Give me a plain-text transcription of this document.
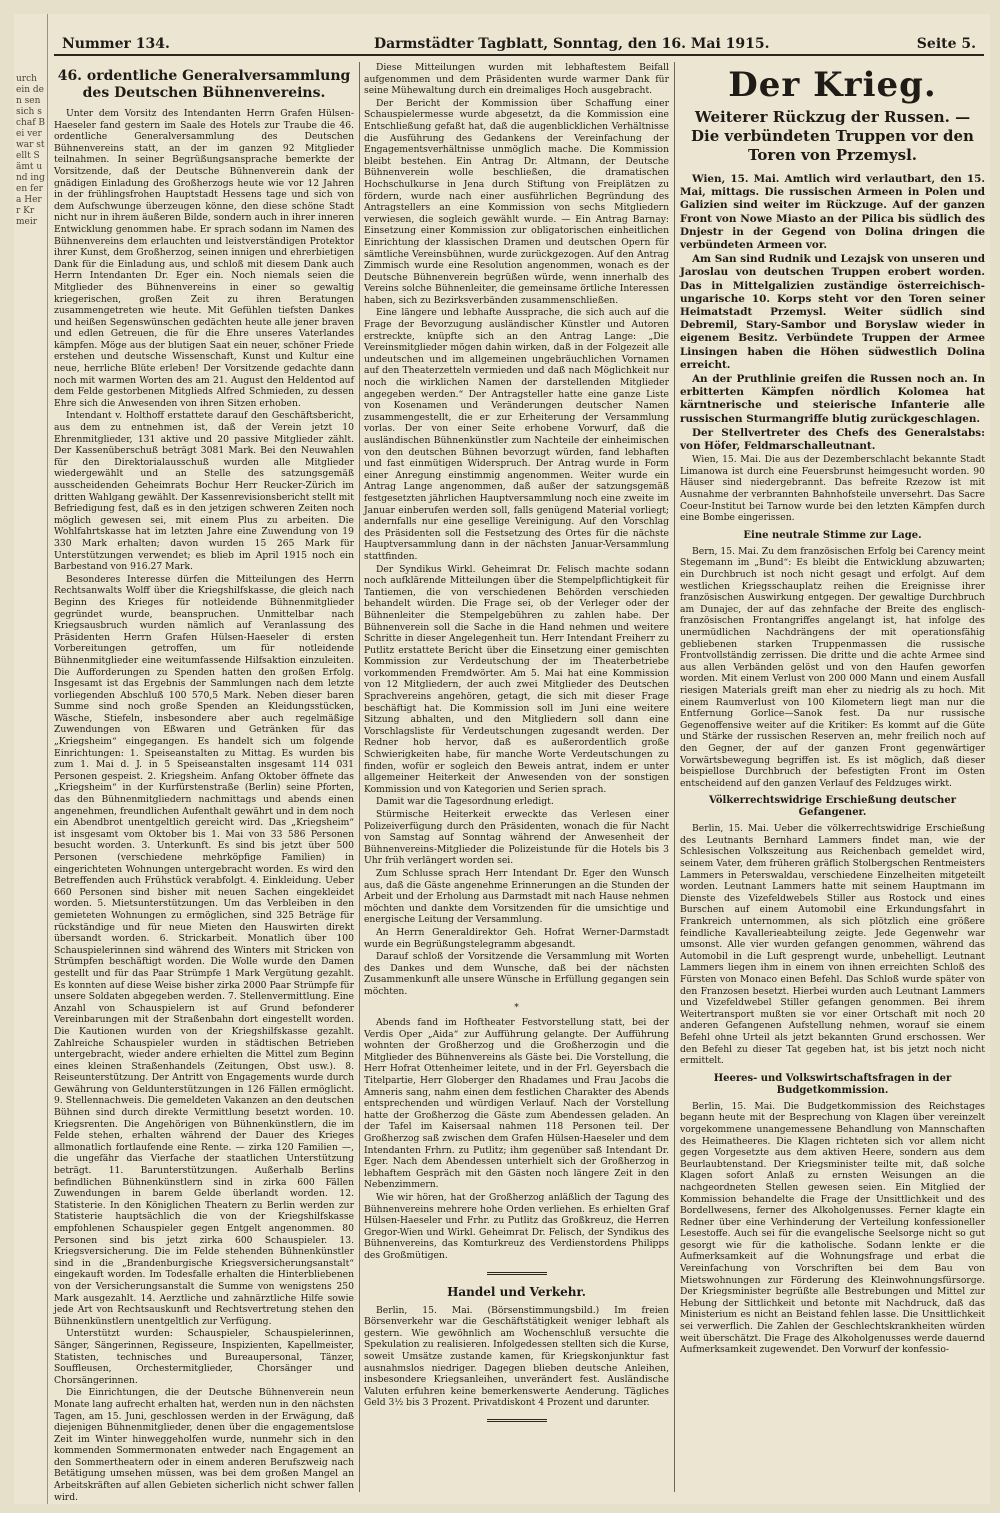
urch ein den sen sich schaf Bei verwar stellt Sämt und ingen fer a Herr Kr meir
Nummer 134.	Darmstädter Tagblatt, Sonntag, den 16. Mai 1915.	Seite 5.
46. ordentliche Generalversammlung des Deutschen Bühnenvereins.

Unter dem Vorsitz des Intendanten Herrn Grafen Hülsen-Haeseler fand gestern im Saale des Hotels zur Traube die 46. ordentliche Generalversammlung des Deutschen Bühnenvereins statt, an der im ganzen 92 Mitglieder teilnahmen. In seiner Begrüßungsansprache bemerkte der Vorsitzende, daß der Deutsche Bühnenverein dank der gnädigen Einladung des Großherzogs heute wie vor 12 Jahren in der frühlingsfrohen Hauptstadt Hessens tage und sich von dem Aufschwunge überzeugen könne, den diese schöne Stadt nicht nur in ihrem äußeren Bilde, sondern auch in ihrer inneren Entwicklung genommen habe. Er sprach sodann im Namen des Bühnenvereins dem erlauchten und leistverständigen Protektor ihrer Kunst, dem Großherzog, seinen innigen und ehrerbietigen Dank für die Einladung aus, und schloß mit diesem Dank auch Herrn Intendanten Dr. Eger ein. Noch niemals seien die Mitglieder des Bühnenvereins in einer so gewaltig kriegerischen, großen Zeit zu ihren Beratungen zusammengetreten wie heute. Mit Gefühlen tiefsten Dankes und heißen Segenswünschen gedächten heute alle jener braven und edlen Getreuen, die für die Ehre unseres Vaterlandes kämpfen. Möge aus der blutigen Saat ein neuer, schöner Friede erstehen und deutsche Wissenschaft, Kunst und Kultur eine neue, herrliche Blüte erleben! Der Vorsitzende gedachte dann noch mit warmen Worten des am 21. August den Heldentod auf dem Felde gestorbenen Mitglieds Alfred Schmieden, zu dessen Ehre sich die Anwesenden von ihren Sitzen erhoben.

Intendant v. Holthoff erstattete darauf den Geschäftsbericht, aus dem zu entnehmen ist, daß der Verein jetzt 10 Ehrenmitglieder, 131 aktive und 20 passive Mitglieder zählt. Der Kassenüberschuß beträgt 3081 Mark. Bei den Neuwahlen für den Direktorialausschuß wurden alle Mitglieder wiedergewählt und an Stelle des satzungsgemäß ausscheidenden Geheimrats Bochur Herr Reucker-Zürich im dritten Wahlgang gewählt. Der Kassenrevisionsbericht stellt mit Befriedigung fest, daß es in den jetzigen schweren Zeiten noch möglich gewesen sei, mit einem Plus zu arbeiten. Die Wohlfahrtskasse hat im letzten Jahre eine Zuwendung von 19 330 Mark erhalten; davon wurden 15 265 Mark für Unterstützungen verwendet; es blieb im April 1915 noch ein Barbestand von 916.27 Mark.

Besonderes Interesse dürfen die Mitteilungen des Herrn Rechtsanwalts Wolff über die Kriegshilfskasse, die gleich nach Beginn des Krieges für notleidende Bühnenmitglieder gegründet wurde, beanspruchen. Unmittelbar nach Kriegsausbruch wurden nämlich auf Veranlassung des Präsidenten Herrn Grafen Hülsen-Haeseler di ersten Vorbereitungen getroffen, um für notleidende Bühnenmitglieder eine weitumfassende Hilfsaktion einzuleiten. Die Aufforderungen zu Spenden hatten den großen Erfolg. Insgesamt ist das Ergebnis der Sammlungen nach dem letzte vorliegenden Abschluß 100 570,5 Mark. Neben dieser baren Summe sind noch große Spenden an Kleidungsstücken, Wäsche, Stiefeln, insbesondere aber auch regelmäßige Zuwendungen von Eßwaren und Getränken für das „Kriegsheim“ eingegangen. Es handelt sich um folgende Einrichtungen: 1. Speiseanstalten zu Mittag. Es wurden bis zum 1. Mai d. J. in 5 Speiseanstalten insgesamt 114 031 Personen gespeist. 2. Kriegsheim. Anfang Oktober öffnete das „Kriegsheim“ in der Kurfürstenstraße (Berlin) seine Pforten, das den Bühnenmitgliedern nachmittags und abends einen angenehmen, freundlichen Aufenthalt gewährt und in dem noch ein Abendbrot unentgeltlich gereicht wird. Das „Kriegsheim“ ist insgesamt vom Oktober bis 1. Mai von 33 586 Personen besucht worden. 3. Unterkunft. Es sind bis jetzt über 500 Personen (verschiedene mehrköpfige Familien) in eingerichteten Wohnungen untergebracht worden. Es wird den Betreffenden auch Frühstück verabfolgt. 4. Einkleidung. Ueber 660 Personen sind bisher mit neuen Sachen eingekleidet worden. 5. Mietsunterstützungen. Um das Verbleiben in den gemieteten Wohnungen zu ermöglichen, sind 325 Beträge für rückständige und für neue Mieten den Hauswirten direkt übersandt worden. 6. Strickarbeit. Monatlich über 100 Schauspielerinnen sind während des Winters mit Stricken von Strümpfen beschäftigt worden. Die Wolle wurde den Damen gestellt und für das Paar Strümpfe 1 Mark Vergütung gezahlt. Es konnten auf diese Weise bisher zirka 2000 Paar Strümpfe für unsere Soldaten abgegeben werden. 7. Stellenvermittlung. Eine Anzahl von Schauspielern ist auf Grund befonderer Vereinbarungen mit der Straßenbahn dort eingestellt worden. Die Kautionen wurden von der Kriegshilfskasse gezahlt. Zahlreiche Schauspieler wurden in städtischen Betrieben untergebracht, wieder andere erhielten die Mittel zum Beginn eines kleinen Straßenhandels (Zeitungen, Obst usw.). 8. Reiseunterstützung. Der Antritt von Engagements wurde durch Gewährung von Geldunterstützungen in 126 Fällen ermöglicht. 9. Stellennachweis. Die gemeldeten Vakanzen an den deutschen Bühnen sind durch direkte Vermittlung besetzt worden. 10. Kriegsrenten. Die Angehörigen von Bühnenkünstlern, die im Felde stehen, erhalten während der Dauer des Krieges allmonatlich fortlaufende eine Rente. — zirka 120 Familien —, die ungefähr das Vierfache der staatlichen Unterstützung beträgt. 11. Barunterstützungen. Außerhalb Berlins befindlichen Bühnenkünstlern sind in zirka 600 Fällen Zuwendungen in barem Gelde überlandt worden. 12. Statisterie. In den Königlichen Theatern zu Berlin werden zur Statisterie hauptsächlich die von der Kriegshilfskasse empfohlenen Schauspieler gegen Entgelt angenommen. 80 Personen sind bis jetzt zirka 600 Schauspieler. 13. Kriegsversicherung. Die im Felde stehenden Bühnenkünstler sind in die „Brandenburgische Kriegsversicherungsanstalt“ eingekauft worden. Im Todesfalle erhalten die Hinterbliebenen von der Versicherungsanstalt die Summe von wenigstens 250 Mark ausgezahlt. 14. Aerztliche und zahnärztliche Hilfe sowie jede Art von Rechtsauskunft und Rechtsvertretung stehen den Bühnenkünstlern unentgeltlich zur Verfügung.

Unterstützt wurden: Schauspieler, Schauspielerinnen, Sänger, Sängerinnen, Regisseure, Inspizienten, Kapellmeister, Statisten, technisches und Bureaupersonal, Tänzer, Souffleusen, Orchestermitglieder, Chorsänger und Chorsängerinnen.

Die Einrichtungen, die der Deutsche Bühnenverein neun Monate lang aufrecht erhalten hat, werden nun in den nächsten Tagen, am 15. Juni, geschlossen werden in der Erwägung, daß diejenigen Bühnenmitglieder, denen über die engagementslose Zeit im Winter hinweggeholfen wurde, nunmehr sich in den kommenden Sommermonaten entweder nach Engagement an den Sommertheatern oder in einem anderen Berufszweig nach Betätigung umsehen müssen, was bei dem großen Mangel an Arbeitskräften auf allen Gebieten sicherlich nicht schwer fallen wird.

Diese Mitteilungen wurden mit lebhaftestem Beifall aufgenommen und dem Präsidenten wurde warmer Dank für seine Mühewaltung durch ein dreimaliges Hoch ausgebracht.

Der Bericht der Kommission über Schaffung einer Schauspielermesse wurde abgesetzt, da die Kommission eine Entschließung gefaßt hat, daß die augenblicklichen Verhältnisse die Ausführung des Gedankens der Vereinfachung der Engagementsverhältnisse unmöglich mache. Die Kommission bleibt bestehen. Ein Antrag Dr. Altmann, der Deutsche Bühnenverein wolle beschließen, die dramatischen Hochschulkurse in Jena durch Stiftung von Freiplätzen zu fördern, wurde nach einer ausführlichen Begründung des Antragstellers an eine Kommission von sechs Mitgliedern verwiesen, die sogleich gewählt wurde. — Ein Antrag Barnay: Einsetzung einer Kommission zur obligatorischen einheitlichen Einrichtung der klassischen Dramen und deutschen Opern für sämtliche Vereinsbühnen, wurde zurückgezogen. Auf den Antrag Zimmisch wurde eine Resolution angenommen, wonach es der Deutsche Bühnenverein begrüßen würde, wenn innerhalb des Vereins solche Bühnenleiter, die gemeinsame örtliche Interessen haben, sich zu Bezirksverbänden zusammenschließen.

Eine längere und lebhafte Aussprache, die sich auch auf die Frage der Bevorzugung ausländischer Künstler und Autoren erstreckte, knüpfte sich an den Antrag Lange: „Die Vereinsmitglieder mögen dahin wirken, daß in der Folgezeit alle undeutschen und im allgemeinen ungebräuchlichen Vornamen auf den Theaterzetteln vermieden und daß nach Möglichkeit nur noch die wirklichen Namen der darstellenden Mitglieder angegeben werden.“ Der Antragsteller hatte eine ganze Liste von Kosenamen und Veränderungen deutscher Namen zusammengestellt, die er zur Erheiterung der Versammlung vorlas. Der von einer Seite erhobene Vorwurf, daß die ausländischen Bühnenkünstler zum Nachteile der einheimischen von den deutschen Bühnen bevorzugt würden, fand lebhaften und fast einmütigen Widerspruch. Der Antrag wurde in Form einer Anregung einstimmig angenommen. Weiter wurde ein Antrag Lange angenommen, daß außer der satzungsgemäß festgesetzten jährlichen Hauptversammlung noch eine zweite im Januar einberufen werden soll, falls genügend Material vorliegt; andernfalls nur eine gesellige Vereinigung. Auf den Vorschlag des Präsidenten soll die Festsetzung des Ortes für die nächste Hauptversammlung dann in der nächsten Januar-Versammlung stattfinden.

Der Syndikus Wirkl. Geheimrat Dr. Felisch machte sodann noch aufklärende Mitteilungen über die Stempelpflichtigkeit für Tantiemen, die von verschiedenen Behörden verschieden behandelt würden. Die Frage sei, ob der Verleger oder der Bühnenleiter die Stempelgebühren zu zahlen habe. Der Bühnenverein soll die Sache in die Hand nehmen und weitere Schritte in dieser Angelegenheit tun. Herr Intendant Freiherr zu Putlitz erstattete Bericht über die Einsetzung einer gemischten Kommission zur Verdeutschung der im Theaterbetriebe vorkommenden Fremdwörter. Am 5. Mai hat eine Kommission von 12 Mitgliedern, der auch zwei Mitglieder des Deutschen Sprachvereins angehören, getagt, die sich mit dieser Frage beschäftigt hat. Die Kommission soll im Juni eine weitere Sitzung abhalten, und den Mitgliedern soll dann eine Vorschlagsliste für Verdeutschungen zugesandt werden. Der Redner hob hervor, daß es außerordentlich große Schwierigkeiten habe, für manche Worte Verdeutschungen zu finden, wofür er sogleich den Beweis antrat, indem er unter allgemeiner Heiterkeit der Anwesenden von der sonstigen Kommission und von Kategorien und Serien sprach.

Damit war die Tagesordnung erledigt.

Stürmische Heiterkeit erweckte das Verlesen einer Polizeiverfügung durch den Präsidenten, wonach die für Nacht von Samstag auf Sonntag während der Anwesenheit der Bühnenvereins-Mitglieder die Polizeistunde für die Hotels bis 3 Uhr früh verlängert worden sei.

Zum Schlusse sprach Herr Intendant Dr. Eger den Wunsch aus, daß die Gäste angenehme Erinnerungen an die Stunden der Arbeit und der Erholung aus Darmstadt mit nach Hause nehmen möchten und dankte dem Vorsitzenden für die umsichtige und energische Leitung der Versammlung.

An Herrn Generaldirektor Geh. Hofrat Werner-Darmstadt wurde ein Begrüßungstelegramm abgesandt.

Darauf schloß der Vorsitzende die Versammlung mit Worten des Dankes und dem Wunsche, daß bei der nächsten Zusammenkunft alle unsere Wünsche in Erfüllung gegangen sein möchten.

*

Abends fand im Hoftheater Festvorstellung statt, bei der Verdis Oper „Aida“ zur Aufführung gelangte. Der Aufführung wohnten der Großherzog und die Großherzogin und die Mitglieder des Bühnenvereins als Gäste bei. Die Vorstellung, die Herr Hofrat Ottenheimer leitete, und in der Frl. Geyersbach die Titelpartie, Herr Globerger den Rhadames und Frau Jacobs die Amneris sang, nahm einen dem festlichen Charakter des Abends entsprechenden und würdigen Verlauf. Nach der Vorstellung hatte der Großherzog die Gäste zum Abendessen geladen. An der Tafel im Kaisersaal nahmen 118 Personen teil. Der Großherzog saß zwischen dem Grafen Hülsen-Haeseler und dem Intendanten Frhrn. zu Putlitz; ihm gegenüber saß Intendant Dr. Eger. Nach dem Abendessen unterhielt sich der Großherzog in lebhaftem Gespräch mit den Gästen noch längere Zeit in den Nebenzimmern.

Wie wir hören, hat der Großherzog anläßlich der Tagung des Bühnenvereins mehrere hohe Orden verliehen. Es erhielten Graf Hülsen-Haeseler und Frhr. zu Putlitz das Großkreuz, die Herren Gregor-Wien und Wirkl. Geheimrat Dr. Felisch, der Syndikus des Bühnenvereins, das Komturkreuz des Verdienstordens Philipps des Großmütigen.

Handel und Verkehr.

Berlin, 15. Mai. (Börsenstimmungsbild.) Im freien Börsenverkehr war die Geschäftstätigkeit weniger lebhaft als gestern. Wie gewöhnlich am Wochenschluß versuchte die Spekulation zu realisieren. Infolgedessen stellten sich die Kurse, soweit Umsätze zustande kamen, für Kriegskonjunktur fast ausnahmslos niedriger. Dagegen blieben deutsche Anleihen, insbesondere Kriegsanleihen, unverändert fest. Ausländische Valuten erfuhren keine bemerkenswerte Aenderung. Tägliches Geld 3½ bis 3 Prozent. Privatdiskont 4 Prozent und darunter.

Der Krieg.
Weiterer Rückzug der Russen. — Die verbündeten Truppen vor den Toren von Przemysl.

Wien, 15. Mai. Amtlich wird verlautbart, den 15. Mai, mittags. Die russischen Armeen in Polen und Galizien sind weiter im Rückzuge. Auf der ganzen Front von Nowe Miasto an der Pilica bis südlich des Dnjestr in der Gegend von Dolina dringen die verbündeten Armeen vor.

Am San sind Rudnik und Lezajsk von unseren und Jaroslau von deutschen Truppen erobert worden. Das in Mittelgalizien zuständige österreichisch-ungarische 10. Korps steht vor den Toren seiner Heimatstadt Przemysl. Weiter südlich sind Debremil, Stary-Sambor und Boryslaw wieder in eigenem Besitz. Verbündete Truppen der Armee Linsingen haben die Höhen südwestlich Dolina erreicht.

An der Pruthlinie greifen die Russen noch an. In erbitterten Kämpfen nördlich Kolomea hat kärntnerische und steierische Infanterie alle russischen Sturmangriffe blutig zurückgeschlagen.

Der Stellvertreter des Chefs des Generalstabs: von Höfer, Feldmarschalleutnant.

Wien, 15. Mai. Die aus der Dezemberschlacht bekannte Stadt Limanowa ist durch eine Feuersbrunst heimgesucht worden. 90 Häuser sind niedergebrannt. Das befreite Rzezow ist mit Ausnahme der verbrannten Bahnhofsteile unversehrt. Das Sacre Coeur-Institut bei Tarnow wurde bei den letzten Kämpfen durch eine Bombe eingerissen.

Eine neutrale Stimme zur Lage.

Bern, 15. Mai. Zu dem französischen Erfolg bei Carency meint Stegemann im „Bund“: Es bleibt die Entwicklung abzuwarten; ein Durchbruch ist noch nicht gesagt und erfolgt. Auf dem westlichen Kriegsschauplatz reihen die Ereignisse ihrer französischen Auswirkung entgegen. Der gewaltige Durchbruch am Dunajec, der auf das zehnfache der Breite des englisch-französischen Frontangriffes angelangt ist, hat infolge des unermüdlichen Nachdrängens der mit operationsfähig gebliebenen starken Truppenmassen die russische Frontvollständig zerrissen. Die dritte und die achte Armee sind aus allen Verbänden gelöst und von den Haufen geworfen worden. Mit einem Verlust von 200 000 Mann und einem Ausfall riesigen Materials greift man eher zu niedrig als zu hoch. Mit einem Raumverlust von 100 Kilometern liegt man nur die Entfernung Gorlice—Sanok fest. Da nur russische Gegenoffensive weiter auf die Kritiker: Es kommt auf die Güte und Stärke der russischen Reserven an, mehr freilich noch auf den Gegner, der auf der ganzen Front gegenwärtiger Vorwärtsbewegung begriffen ist. Es ist möglich, daß dieser beispiellose Durchbruch der befestigten Front im Osten entscheidend auf den ganzen Verlauf des Feldzuges wirkt.

Völkerrechtswidrige Erschießung deutscher Gefangener.

Berlin, 15. Mai. Ueber die völkerrechtswidrige Erschießung des Leutnants Bernhard Lammers findet man, wie der Schlesischen Volkszeitung aus Reichenbach gemeldet wird, seinem Vater, dem früheren gräflich Stolbergschen Rentmeisters Lammers in Peterswaldau, verschiedene Einzelheiten mitgeteilt worden. Leutnant Lammers hatte mit seinem Hauptmann im Dienste des Vizefeldwebels Stiller aus Rostock und eines Burschen auf einem Automobil eine Erkundungsfahrt in Frankreich unternommen, als sich plötzlich eine größere feindliche Kavallerieabteilung zeigte. Jede Gegenwehr war umsonst. Alle vier wurden gefangen genommen, während das Automobil in die Luft gesprengt wurde, unbehelligt. Leutnant Lammers liegen ihm in einem von ihnen erreichten Schloß des Fürsten von Monaco einen Befehl. Das Schloß wurde später von den Franzosen besetzt. Hierbei wurden auch Leutnant Lammers und Vizefeldwebel Stiller gefangen genommen. Bei ihrem Weitertransport mußten sie vor einer Ortschaft mit noch 20 anderen Gefangenen Aufstellung nehmen, worauf sie einem Befehl ohne Urteil als jetzt bekannten Grund erschossen. Wer den Befehl zu dieser Tat gegeben hat, ist bis jetzt noch nicht ermittelt.

Heeres- und Volkswirtschaftsfragen in der Budgetkommission.

Berlin, 15. Mai. Die Budgetkommission des Reichstages begann heute mit der Besprechung von Klagen über vereinzelt vorgekommene unangemessene Behandlung von Mannschaften des Heimatheeres. Die Klagen richteten sich vor allem nicht gegen Vorgesetzte aus dem aktiven Heere, sondern aus dem Beurlaubtenstand. Der Kriegsminister teilte mit, daß solche Klagen sofort Anlaß zu ernsten Weisungen an die nachgeordneten Stellen gewesen seien. Ein Mitglied der Kommission behandelte die Frage der Unsittlichkeit und des Bordellwesens, ferner des Alkoholgenusses. Ferner klagte ein Redner über eine Verhinderung der Verteilung konfessioneller Lesestoffe. Auch sei für die evangelische Seelsorge nicht so gut gesorgt wie für die katholische. Sodann lenkte er die Aufmerksamkeit auf die Wohnungsfrage und erbat die Vereinfachung von Vorschriften bei dem Bau von Mietswohnungen zur Förderung des Kleinwohnungsfürsorge. Der Kriegsminister begrüßte alle Bestrebungen und Mittel zur Hebung der Sittlichkeit und betonte mit Nachdruck, daß das Ministerium es nicht an Beistand fehlen lasse. Die Unsittlichkeit sei verwerflich. Die Zahlen der Geschlechtskrankheiten würden weit überschätzt. Die Frage des Alkoholgenusses werde dauernd Aufmerksamkeit zugewendet. Den Vorwurf der konfessio-
